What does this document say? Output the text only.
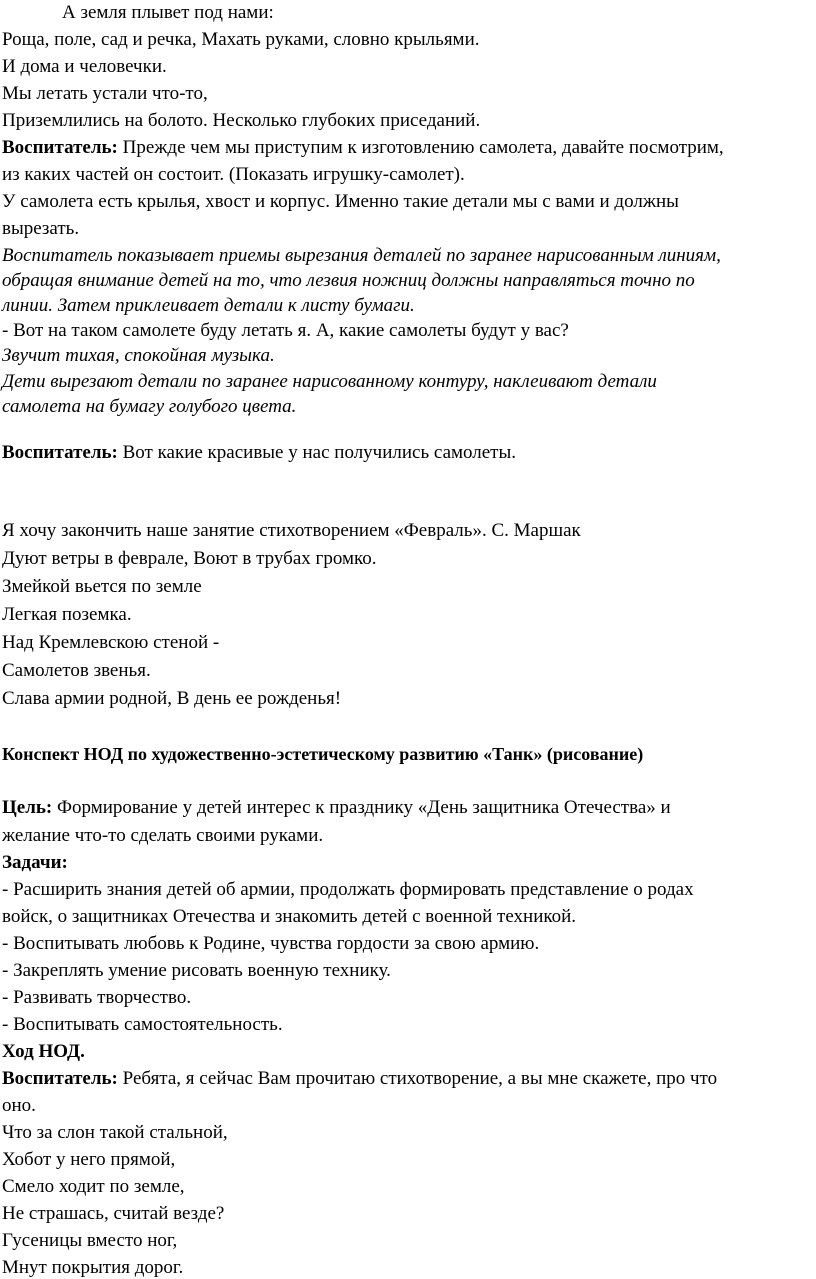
А земля плывет под нами:
Роща, поле, сад и речка, Махать руками, словно крыльями.
И дома и человечки.
Мы летать устали что-то,
Приземлились на болото. Несколько глубоких приседаний.
Воспитатель: Прежде чем мы приступим к изготовлению самолета, давайте посмотрим,
из каких частей он состоит. (Показать игрушку-самолет).
У самолета есть крылья, хвост и корпус. Именно такие детали мы с вами и должны
вырезать.
Воспитатель показывает приемы вырезания деталей по заранее нарисованным линиям,
обращая внимание детей на то, что лезвия ножниц должны направляться точно по
линии. Затем приклеивает детали к листу бумаги.
- Вот на таком самолете буду летать я. А, какие самолеты будут у вас?
Звучит тихая, спокойная музыка.
Дети вырезают детали по заранее нарисованному контуру, наклеивают детали
самолета на бумагу голубого цвета.
Воспитатель: Вот какие красивые у нас получились самолеты.
Я хочу закончить наше занятие стихотворением «Февраль». С. Маршак
Дуют ветры в феврале, Воют в трубах громко.
Змейкой вьется по земле
Легкая поземка.
Над Кремлевскою стеной -
Самолетов звенья.
Слава армии родной, В день ее рожденья!
Конспект НОД по художественно-эстетическому развитию «Танк» (рисование)
Цель: Формирование у детей интерес к празднику «День защитника Отечества» и
желание что-то сделать своими руками.
Задачи:
- Расширить знания детей об армии, продолжать формировать представление о родах
войск, о защитниках Отечества и знакомить детей с военной техникой.
- Воспитывать любовь к Родине, чувства гордости за свою армию.
- Закреплять умение рисовать военную технику.
- Развивать творчество.
- Воспитывать самостоятельность.
Ход НОД.
Воспитатель: Ребята, я сейчас Вам прочитаю стихотворение, а вы мне скажете, про что
оно.
Что за слон такой стальной,
Хобот у него прямой,
Смело ходит по земле,
Не страшась, считай везде?
Гусеницы вместо ног,
Мнут покрытия дорог.
